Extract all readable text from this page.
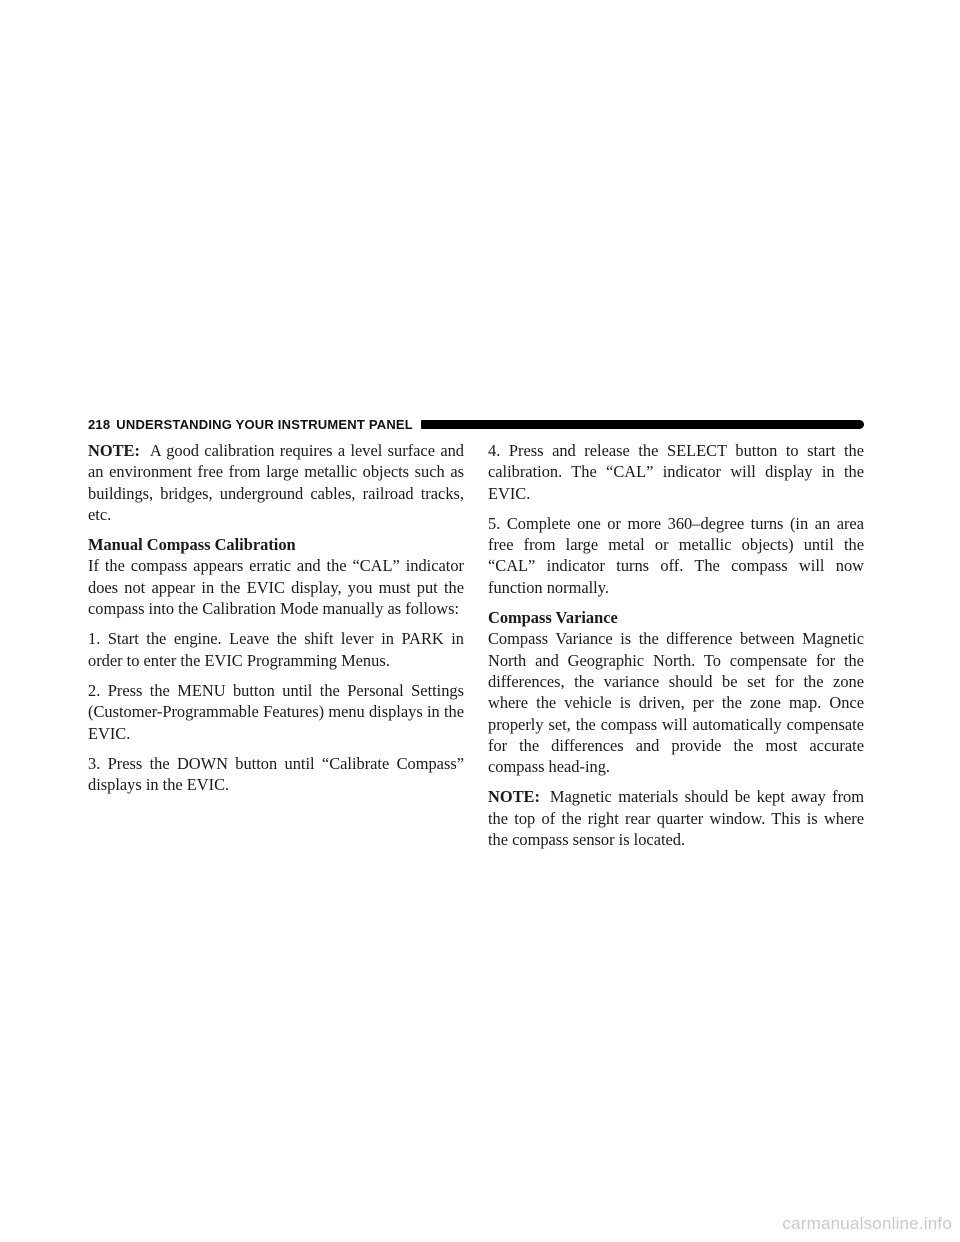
218 UNDERSTANDING YOUR INSTRUMENT PANEL

NOTE: A good calibration requires a level surface and an environment free from large metallic objects such as buildings, bridges, underground cables, railroad tracks, etc.

Manual Compass Calibration

If the compass appears erratic and the “CAL” indicator does not appear in the EVIC display, you must put the compass into the Calibration Mode manually as follows:

1. Start the engine. Leave the shift lever in PARK in order to enter the EVIC Programming Menus.

2. Press the MENU button until the Personal Settings (Customer-Programmable Features) menu displays in the EVIC.

3. Press the DOWN button until “Calibrate Compass” displays in the EVIC.

4. Press and release the SELECT button to start the calibration. The “CAL” indicator will display in the EVIC.

5. Complete one or more 360–degree turns (in an area free from large metal or metallic objects) until the “CAL” indicator turns off. The compass will now function normally.

Compass Variance

Compass Variance is the difference between Magnetic North and Geographic North. To compensate for the differences, the variance should be set for the zone where the vehicle is driven, per the zone map. Once properly set, the compass will automatically compensate for the differences and provide the most accurate compass head-ing.

NOTE: Magnetic materials should be kept away from the top of the right rear quarter window. This is where the compass sensor is located.

carmanualsonline.info
